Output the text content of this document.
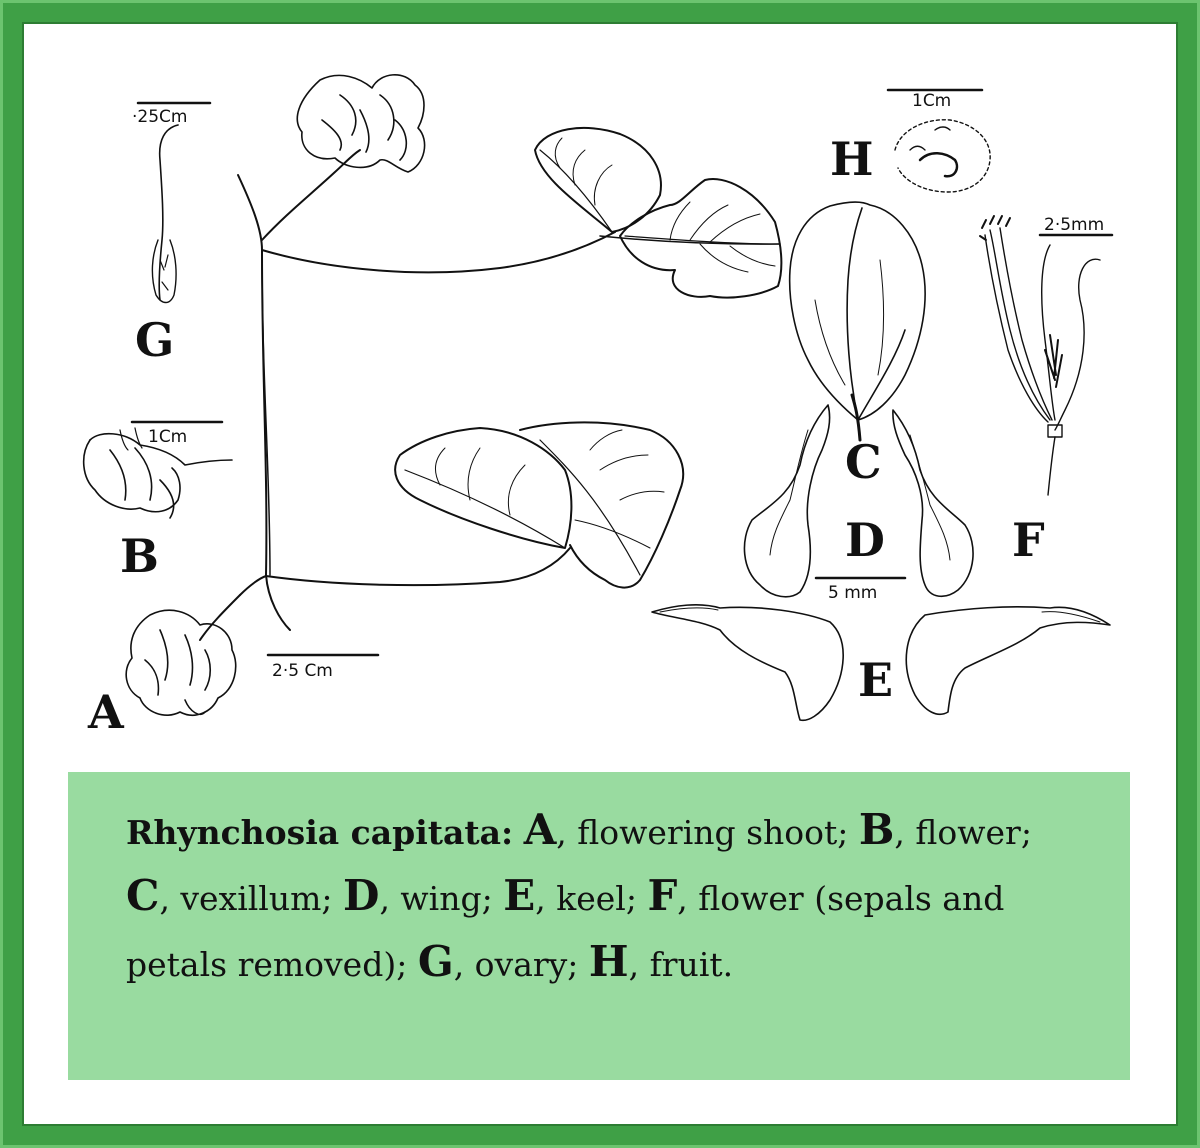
·25Cm
1Cm
2·5 Cm
1Cm
2·5mm
5 mm
A
B
C
D
E
F
G
H

Rhynchosia capitata: A, flowering shoot; B, flower; C, vexillum; D, wing; E, keel; F, flower (sepals and petals removed); G, ovary; H, fruit.
